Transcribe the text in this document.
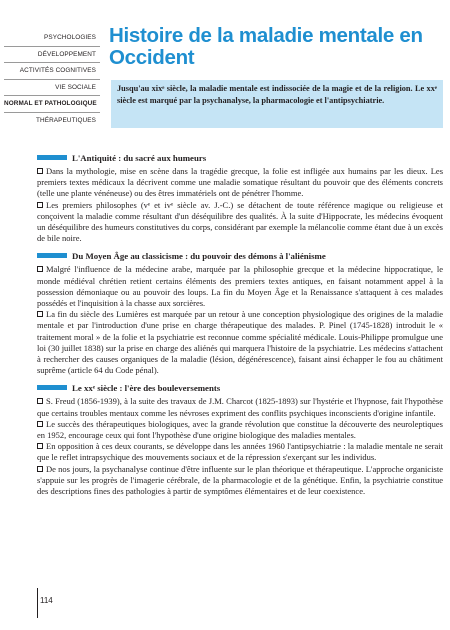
PSYCHOLOGIES
DÉVELOPPEMENT
ACTIVITÉS COGNITIVES
VIE SOCIALE
NORMAL ET PATHOLOGIQUE
THÉRAPEUTIQUES
Histoire de la maladie mentale en Occident
Jusqu'au xixᵉ siècle, la maladie mentale est indissociée de la magie et de la religion. Le xxᵉ siècle est marqué par la psychanalyse, la pharmacologie et l'antipsychiatrie.
L'Antiquité : du sacré aux humeurs

Dans la mythologie, mise en scène dans la tragédie grecque, la folie est infligée aux humains par les dieux. Les premiers textes médicaux la décrivent comme une maladie somatique résultant du pouvoir que des éléments concrets (telle une plante vénéneuse) ou des êtres immatériels ont de pénétrer l'homme.

Les premiers philosophes (vᵉ et ivᵉ siècle av. J.-C.) se détachent de toute référence magique ou religieuse et conçoivent la maladie comme résultant d'un déséquilibre des qualités. À la suite d'Hippocrate, les médecins évoquent un déséquilibre des humeurs constitutives du corps, considérant par exemple la mélancolie comme étant due à un excès de bile noire.

Du Moyen Âge au classicisme : du pouvoir des démons à l'aliénisme

Malgré l'influence de la médecine arabe, marquée par la philosophie grecque et la médecine hippocratique, le monde médiéval chrétien retient certains éléments des premiers textes antiques, en faisant notamment appel à la possession démoniaque ou au pouvoir des loups. La fin du Moyen Âge et la Renaissance s'attaquent à ces malades possédés et l'inquisition à la chasse aux sorcières.

La fin du siècle des Lumières est marquée par un retour à une conception physiologique des origines de la maladie mentale et par l'introduction d'une prise en charge thérapeutique des malades. P. Pinel (1745-1828) introduit le « traitement moral » de la folie et la psychiatrie est reconnue comme spécialité médicale. Louis-Philippe promulgue une loi (30 juillet 1838) sur la prise en charge des aliénés qui marquera l'histoire de la psychiatrie. Les médecins s'attachent à rechercher des causes organiques de la maladie (lésion, dégénérescence), faisant ainsi échapper le fou au châtiment suprême (article 64 du Code pénal).

Le xxᵉ siècle : l'ère des bouleversements

S. Freud (1856-1939), à la suite des travaux de J.M. Charcot (1825-1893) sur l'hystérie et l'hypnose, fait l'hypothèse que certains troubles mentaux comme les névroses expriment des conflits psychiques inconscients d'origine infantile.

Le succès des thérapeutiques biologiques, avec la grande révolution que constitue la découverte des neuroleptiques en 1952, encourage ceux qui font l'hypothèse d'une origine biologique des maladies mentales.

En opposition à ces deux courants, se développe dans les années 1960 l'antipsychiatrie : la maladie mentale ne serait que le reflet intrapsychique des mouvements sociaux et de la répression s'exerçant sur les individus.

De nos jours, la psychanalyse continue d'être influente sur le plan théorique et thérapeutique. L'approche organiciste s'appuie sur les progrès de l'imagerie cérébrale, de la pharmacologie et de la génétique. Enfin, la psychiatrie constitue des descriptions fines des pathologies à partir de symptômes élémentaires et de leur coexistence.

114
